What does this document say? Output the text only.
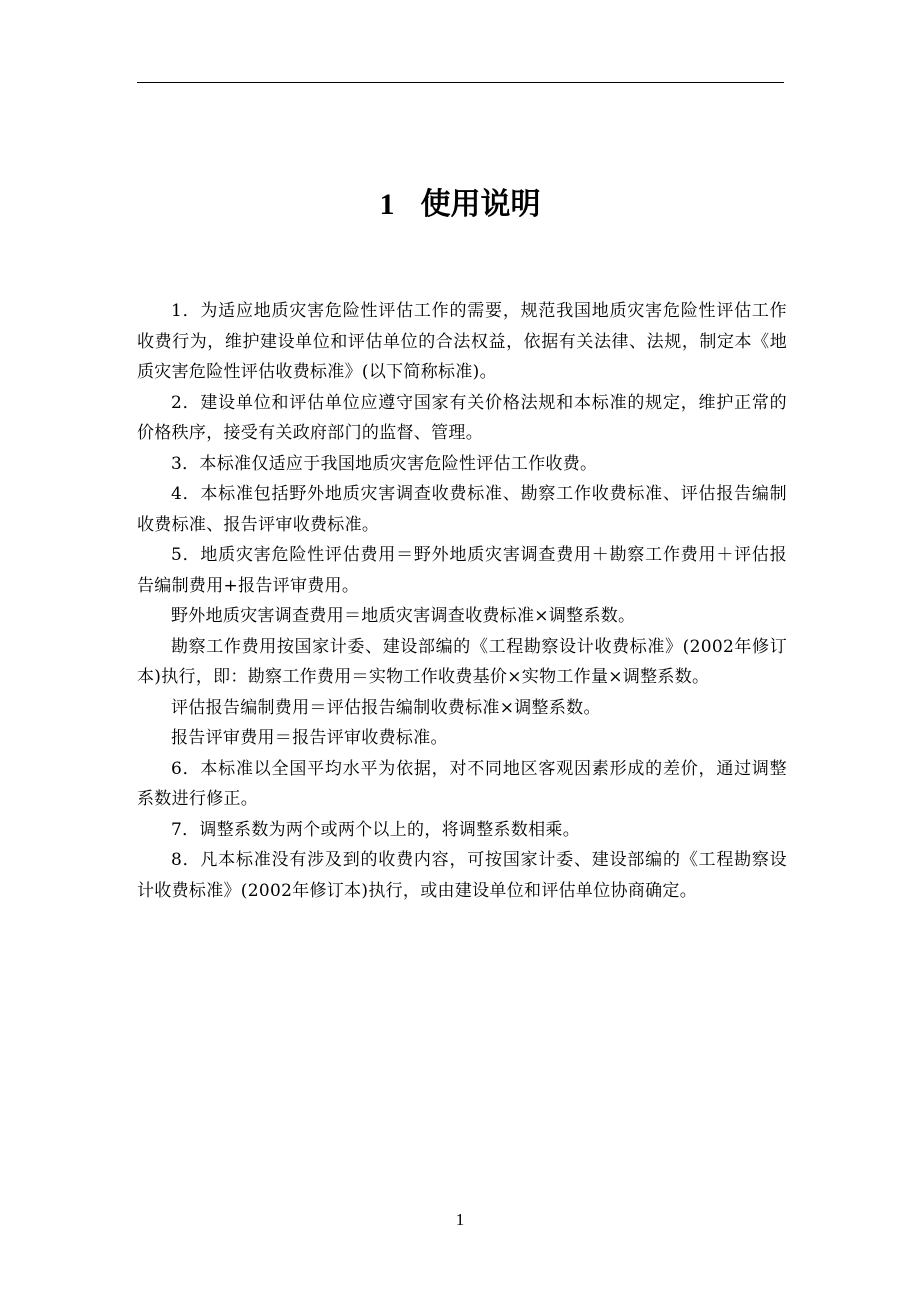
1 使用说明

1．为适应地质灾害危险性评估工作的需要，规范我国地质灾害危险性评估工作收费行为，维护建设单位和评估单位的合法权益，依据有关法律、法规，制定本《地质灾害危险性评估收费标准》(以下简称标准)。

2．建设单位和评估单位应遵守国家有关价格法规和本标准的规定，维护正常的价格秩序，接受有关政府部门的监督、管理。

3．本标准仅适应于我国地质灾害危险性评估工作收费。

4．本标准包括野外地质灾害调查收费标准、勘察工作收费标准、评估报告编制收费标准、报告评审收费标准。

5．地质灾害危险性评估费用＝野外地质灾害调查费用＋勘察工作费用＋评估报告编制费用+报告评审费用。

野外地质灾害调查费用＝地质灾害调查收费标准×调整系数。

勘察工作费用按国家计委、建设部编的《工程勘察设计收费标准》(2002年修订本)执行，即：勘察工作费用＝实物工作收费基价×实物工作量×调整系数。

评估报告编制费用＝评估报告编制收费标准×调整系数。

报告评审费用＝报告评审收费标准。

6．本标准以全国平均水平为依据，对不同地区客观因素形成的差价，通过调整系数进行修正。

7．调整系数为两个或两个以上的，将调整系数相乘。

8．凡本标准没有涉及到的收费内容，可按国家计委、建设部编的《工程勘察设计收费标准》(2002年修订本)执行，或由建设单位和评估单位协商确定。

1
